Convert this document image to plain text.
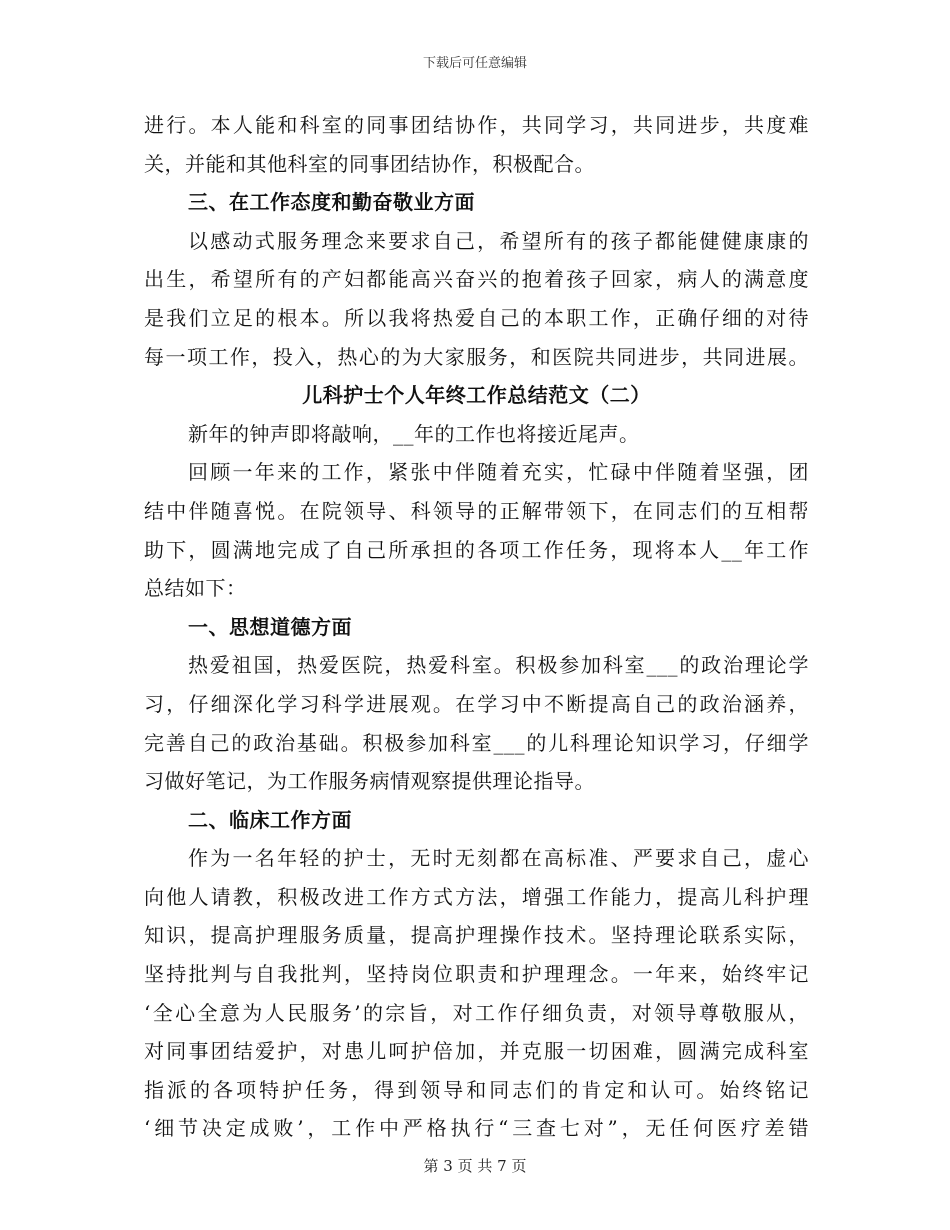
下载后可任意编辑
进行。本人能和科室的同事团结协作，共同学习，共同进步，共度难
关，并能和其他科室的同事团结协作，积极配合。
三、在工作态度和勤奋敬业方面
以感动式服务理念来要求自己，希望所有的孩子都能健健康康的
出生，希望所有的产妇都能高兴奋兴的抱着孩子回家，病人的满意度
是我们立足的根本。所以我将热爱自己的本职工作，正确仔细的对待
每一项工作，投入，热心的为大家服务，和医院共同进步，共同进展。
儿科护士个人年终工作总结范文（二）
新年的钟声即将敲响，__年的工作也将接近尾声。
回顾一年来的工作，紧张中伴随着充实，忙碌中伴随着坚强，团
结中伴随喜悦。在院领导、科领导的正解带领下，在同志们的互相帮
助下，圆满地完成了自己所承担的各项工作任务，现将本人__年工作
总结如下：
一、思想道德方面
热爱祖国，热爱医院，热爱科室。积极参加科室___的政治理论学
习，仔细深化学习科学进展观。在学习中不断提高自己的政治涵养，
完善自己的政治基础。积极参加科室___的儿科理论知识学习，仔细学
习做好笔记，为工作服务病情观察提供理论指导。
二、临床工作方面
作为一名年轻的护士，无时无刻都在高标准、严要求自己，虚心
向他人请教，积极改进工作方式方法，增强工作能力，提高儿科护理
知识，提高护理服务质量，提高护理操作技术。坚持理论联系实际，
坚持批判与自我批判，坚持岗位职责和护理理念。一年来，始终牢记
‘全心全意为人民服务’的宗旨，对工作仔细负责，对领导尊敬服从，
对同事团结爱护，对患儿呵护倍加，并克服一切困难，圆满完成科室
指派的各项特护任务，得到领导和同志们的肯定和认可。始终铭记
‘细节决定成败’，工作中严格执行“三查七对”，无任何医疗差错
第 3 页 共 7 页
